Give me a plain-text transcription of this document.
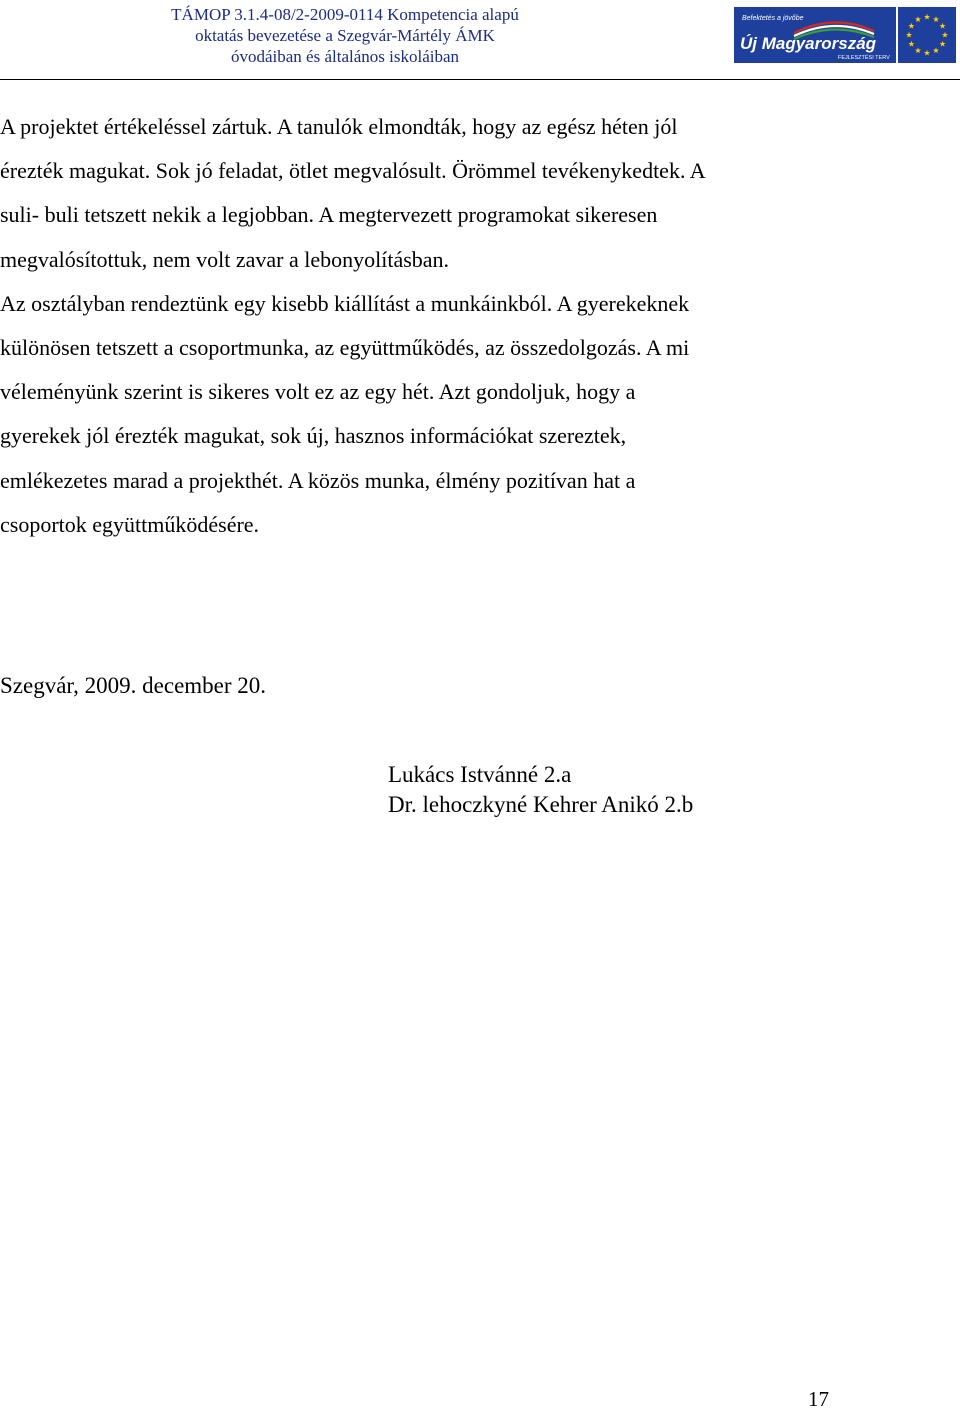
TÁMOP 3.1.4-08/2-2009-0114 Kompetencia alapú
oktatás bevezetése a Szegvár-Mártély ÁMK
óvodáiban és általános iskoláiban
Befektetés a jövőbe
Új Magyarország
FEJLESZTÉSI TERV
A projektet értékeléssel zártuk. A tanulók elmondták, hogy az egész héten jól
érezték magukat. Sok jó feladat, ötlet megvalósult. Örömmel tevékenykedtek. A
suli- buli tetszett nekik a legjobban. A megtervezett programokat sikeresen
megvalósítottuk, nem volt zavar a lebonyolításban.
Az osztályban rendeztünk egy kisebb kiállítást a munkáinkból. A gyerekeknek
különösen tetszett a csoportmunka, az együttműködés, az összedolgozás. A mi
véleményünk szerint is sikeres volt ez az egy hét. Azt gondoljuk, hogy a
gyerekek jól érezték magukat, sok új, hasznos információkat szereztek,
emlékezetes marad a projekthét. A közös munka, élmény pozitívan hat a
csoportok együttműködésére.

Szegvár, 2009. december 20.

Lukács Istvánné 2.a
Dr. lehoczkyné Kehrer Anikó 2.b
17
